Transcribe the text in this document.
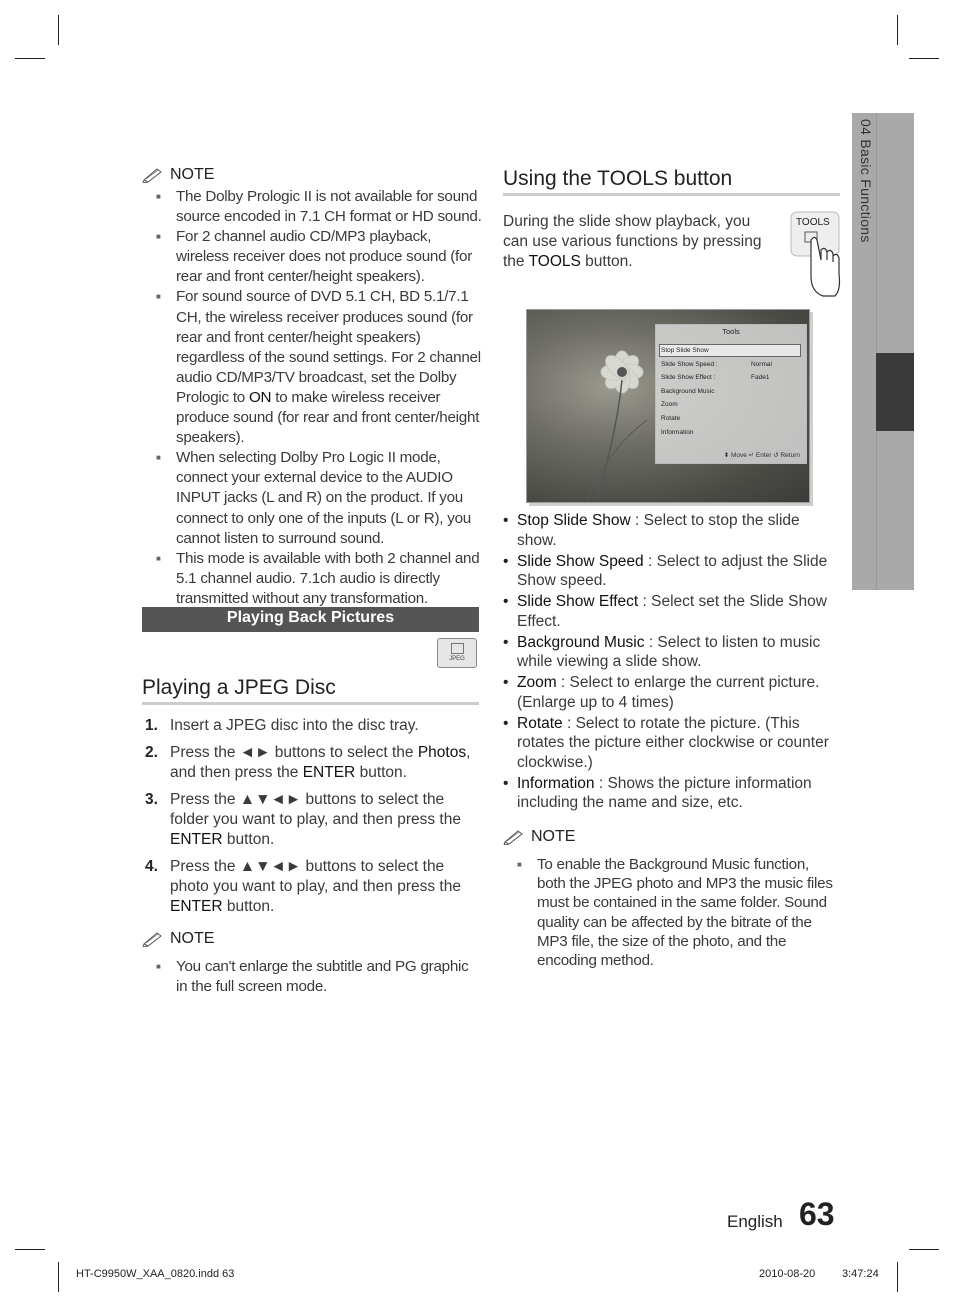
04 Basic Functions
NOTE
■ The Dolby Prologic II is not available for sound source encoded in 7.1 CH format or HD sound.
■ For 2 channel audio CD/MP3 playback, wireless receiver does not produce sound (for rear and front center/height speakers).
■ For sound source of DVD 5.1 CH, BD 5.1/7.1 CH, the wireless receiver produces sound (for rear and front center/height speakers) regardless of the sound settings. For 2 channel audio CD/MP3/TV broadcast, set the Dolby Prologic to ON to make wireless receiver produce sound (for rear and front center/height speakers).
■ When selecting Dolby Pro Logic II mode, connect your external device to the AUDIO INPUT jacks (L and R) on the product. If you connect to only one of the inputs (L or R), you cannot listen to surround sound.
■ This mode is available with both 2 channel and 5.1 channel audio. 7.1ch audio is directly transmitted without any transformation.
Playing Back Pictures
JPEG
Playing a JPEG Disc
1. Insert a JPEG disc into the disc tray.
2. Press the ◄► buttons to select the Photos, and then press the ENTER button.
3. Press the ▲▼◄► buttons to select the folder you want to play, and then press the ENTER button.
4. Press the ▲▼◄► buttons to select the photo you want to play, and then press the ENTER button.
NOTE
■ You can't enlarge the subtitle and PG graphic in the full screen mode.
Using the TOOLS button
During the slide show playback, you can use various functions by pressing the TOOLS button.
TOOLS
Tools
Stop Slide Show
Slide Show Speed :	Normal
Slide Show Effect :	Fade1
Background Music
Zoom
Rotate
Information
⬍ Move ↵ Enter ↺ Return
• Stop Slide Show : Select to stop the slide show.
• Slide Show Speed : Select to adjust the Slide Show speed.
• Slide Show Effect : Select set the Slide Show Effect.
• Background Music : Select to listen to music while viewing a slide show.
• Zoom : Select to enlarge the current picture. (Enlarge up to 4 times)
• Rotate : Select to rotate the picture. (This rotates the picture either clockwise or counter clockwise.)
• Information : Shows the picture information including the name and size, etc.
NOTE
■ To enable the Background Music function, both the JPEG photo and MP3 the music files must be contained in the same folder. Sound quality can be affected by the bitrate of the MP3 file, the size of the photo, and the encoding method.
English 63
HT-C9950W_XAA_0820.indd 63	2010-08-20 3:47:24
